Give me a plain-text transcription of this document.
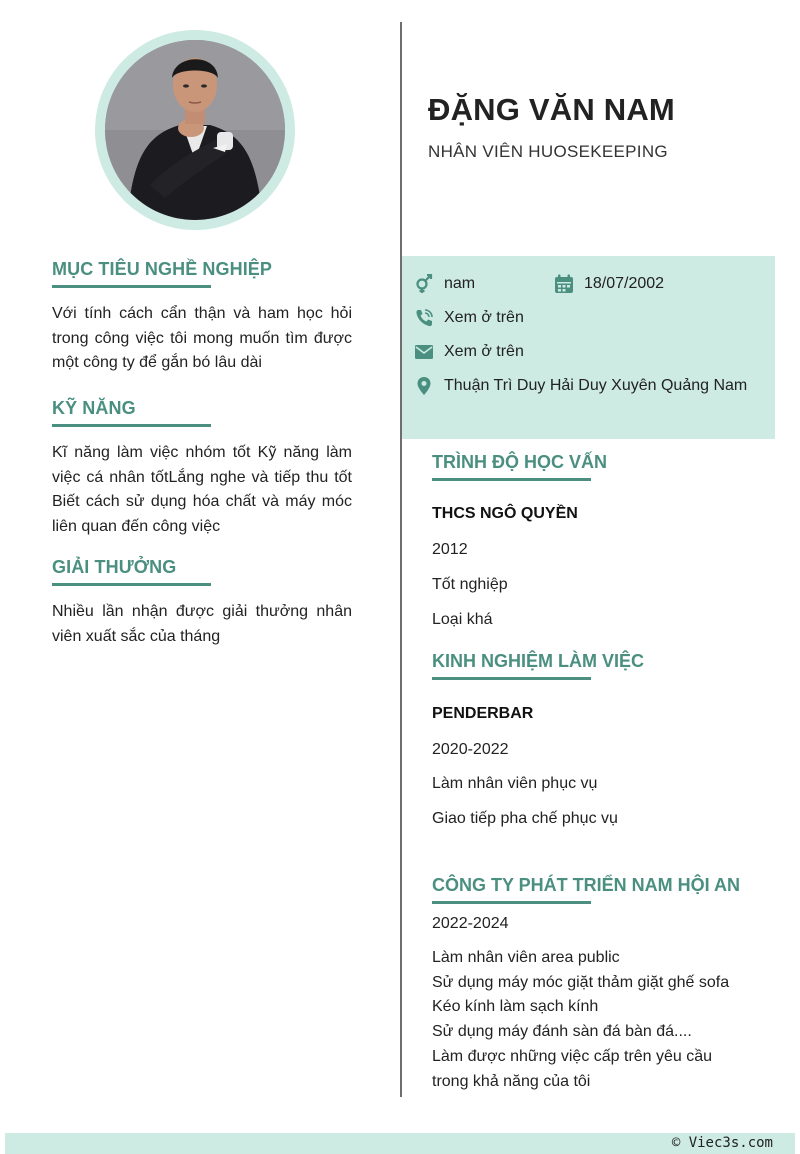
MỤC TIÊU NGHỀ NGHIỆP

Với tính cách cẩn thận và ham học hỏi trong công việc tôi mong muốn tìm được một công ty để gắn bó lâu dài

KỸ NĂNG

Kĩ năng làm việc nhóm tốt Kỹ năng làm việc cá nhân tốtLắng nghe và tiếp thu tốt Biết cách sử dụng hóa chất và máy móc liên quan đến công việc

GIẢI THƯỞNG

Nhiều lần nhận được giải thưởng nhân viên xuất sắc của tháng

ĐẶNG VĂN NAM
NHÂN VIÊN HUOSEKEEPING
nam	18/07/2002
Xem ở trên
Xem ở trên
Thuận Trì Duy Hải Duy Xuyên Quảng Nam
TRÌNH ĐỘ HỌC VẤN
THCS NGÔ QUYỀN
2012
Tốt nghiệp
Loại khá
KINH NGHIỆM LÀM VIỆC
PENDERBAR
2020-2022
Làm nhân viên phục vụ
Giao tiếp pha chế phục vụ
CÔNG TY PHÁT TRIỂN NAM HỘI AN
2022-2024
Làm nhân viên area public
Sử dụng máy móc giặt thảm giặt ghế sofa
Kéo kính làm sạch kính
Sử dụng máy đánh sàn đá bàn đá....
Làm được những việc cấp trên yêu cầu
trong khả năng của tôi
© Viec3s.com
